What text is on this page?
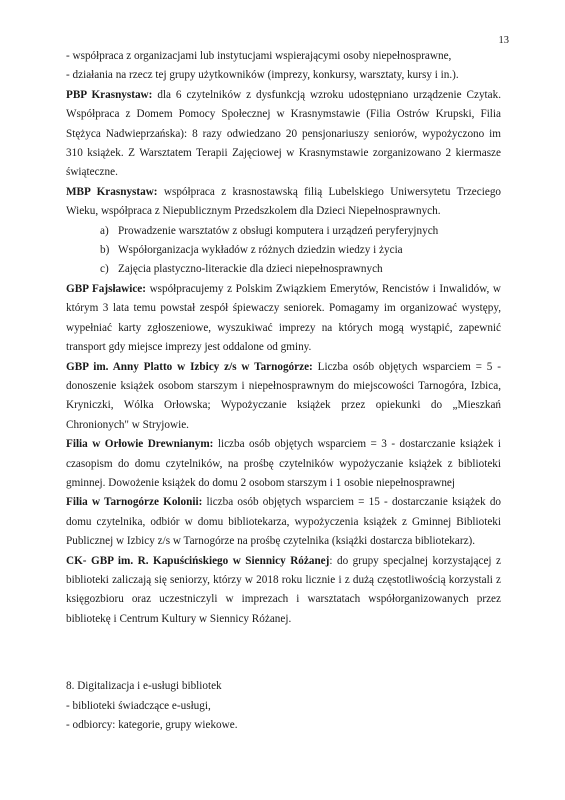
13

- współpraca z organizacjami lub instytucjami wspierającymi osoby niepełnosprawne,

- działania na rzecz tej grupy użytkowników (imprezy, konkursy, warsztaty, kursy i in.).

PBP Krasnystaw: dla 6 czytelników z dysfunkcją wzroku udostępniano urządzenie Czytak. Współpraca z Domem Pomocy Społecznej w Krasnymstawie (Filia Ostrów Krupski, Filia Stężyca Nadwieprzańska): 8 razy odwiedzano 20 pensjonariuszy seniorów, wypożyczono im 310 książek. Z Warsztatem Terapii Zajęciowej w Krasnymstawie zorganizowano 2 kiermasze świąteczne.

MBP Krasnystaw: współpraca z krasnostawską filią Lubelskiego Uniwersytetu Trzeciego Wieku, współpraca z Niepublicznym Przedszkolem dla Dzieci Niepełnosprawnych.

a) Prowadzenie warsztatów z obsługi komputera i urządzeń peryferyjnych
b) Współorganizacja wykładów z różnych dziedzin wiedzy i życia
c) Zajęcia plastyczno-literackie dla dzieci niepełnosprawnych

GBP Fajsławice: współpracujemy z Polskim Związkiem Emerytów, Rencistów i Inwalidów, w którym 3 lata temu powstał zespół śpiewaczy seniorek. Pomagamy im organizować występy, wypełniać karty zgłoszeniowe, wyszukiwać imprezy na których mogą wystąpić, zapewnić transport gdy miejsce imprezy jest oddalone od gminy.

GBP im. Anny Platto w Izbicy z/s w Tarnogórze: Liczba osób objętych wsparciem = 5 - donoszenie książek osobom starszym i niepełnosprawnym do miejscowości Tarnogóra, Izbica, Kryniczki, Wólka Orłowska; Wypożyczanie książek przez opiekunki do „Mieszkań Chronionych" w Stryjowie.

Filia w Orłowie Drewnianym: liczba osób objętych wsparciem = 3 - dostarczanie książek i czasopism do domu czytelników, na prośbę czytelników wypożyczanie książek z biblioteki gminnej. Dowożenie książek do domu 2 osobom starszym i 1 osobie niepełnosprawnej

Filia w Tarnogórze Kolonii: liczba osób objętych wsparciem = 15 - dostarczanie książek do domu czytelnika, odbiór w domu bibliotekarza, wypożyczenia książek z Gminnej Biblioteki Publicznej w Izbicy z/s w Tarnogórze na prośbę czytelnika (książki dostarcza bibliotekarz).

CK- GBP im. R. Kapuścińskiego w Siennicy Różanej: do grupy specjalnej korzystającej z biblioteki zaliczają się seniorzy, którzy w 2018 roku licznie i z dużą częstotliwością korzystali z księgozbioru oraz uczestniczyli w imprezach i warsztatach współorganizowanych przez bibliotekę i Centrum Kultury w Siennicy Różanej.

8. Digitalizacja i e-usługi bibliotek

- biblioteki świadczące e-usługi,

- odbiorcy: kategorie, grupy wiekowe.
